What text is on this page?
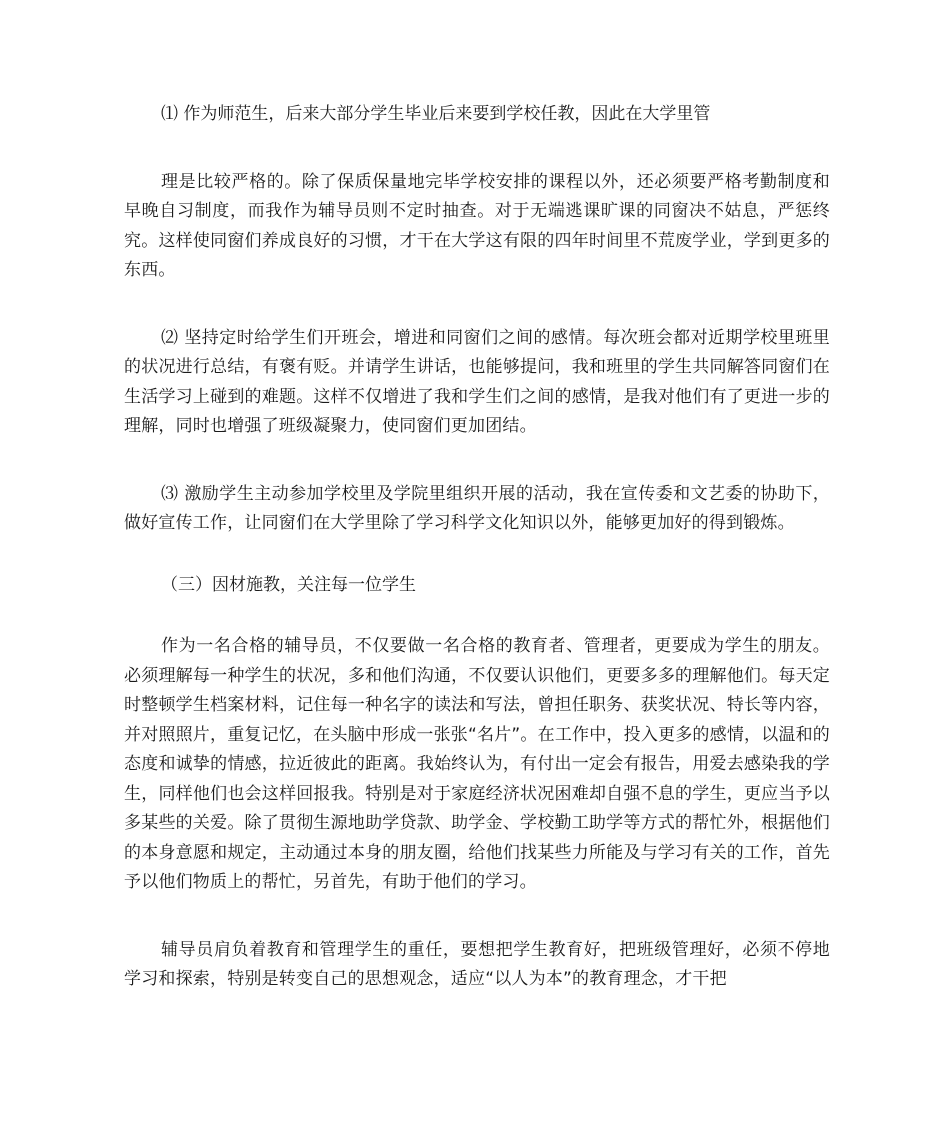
⑴ 作为师范生，后来大部分学生毕业后来要到学校任教，因此在大学里管

理是比较严格的。除了保质保量地完毕学校安排的课程以外，还必须要严格考勤制度和早晚自习制度，而我作为辅导员则不定时抽查。对于无端逃课旷课的同窗决不姑息，严惩终究。这样使同窗们养成良好的习惯，才干在大学这有限的四年时间里不荒废学业，学到更多的东西。

⑵ 坚持定时给学生们开班会，增进和同窗们之间的感情。每次班会都对近期学校里班里的状况进行总结，有褒有贬。并请学生讲话，也能够提问，我和班里的学生共同解答同窗们在生活学习上碰到的难题。这样不仅增进了我和学生们之间的感情，是我对他们有了更进一步的理解，同时也增强了班级凝聚力，使同窗们更加团结。

⑶ 激励学生主动参加学校里及学院里组织开展的活动，我在宣传委和文艺委的协助下，做好宣传工作，让同窗们在大学里除了学习科学文化知识以外，能够更加好的得到锻炼。

（三）因材施教，关注每一位学生

作为一名合格的辅导员，不仅要做一名合格的教育者、管理者，更要成为学生的朋友。必须理解每一种学生的状况，多和他们沟通，不仅要认识他们，更要多多的理解他们。每天定时整顿学生档案材料，记住每一种名字的读法和写法，曾担任职务、获奖状况、特长等内容，并对照照片，重复记忆，在头脑中形成一张张“名片”。在工作中，投入更多的感情，以温和的态度和诚挚的情感，拉近彼此的距离。我始终认为，有付出一定会有报告，用爱去感染我的学生，同样他们也会这样回报我。特别是对于家庭经济状况困难却自强不息的学生，更应当予以多某些的关爱。除了贯彻生源地助学贷款、助学金、学校勤工助学等方式的帮忙外，根据他们的本身意愿和规定，主动通过本身的朋友圈，给他们找某些力所能及与学习有关的工作，首先予以他们物质上的帮忙，另首先，有助于他们的学习。

辅导员肩负着教育和管理学生的重任，要想把学生教育好，把班级管理好，必须不停地学习和探索，特别是转变自己的思想观念，适应“以人为本”的教育理念，才干把
